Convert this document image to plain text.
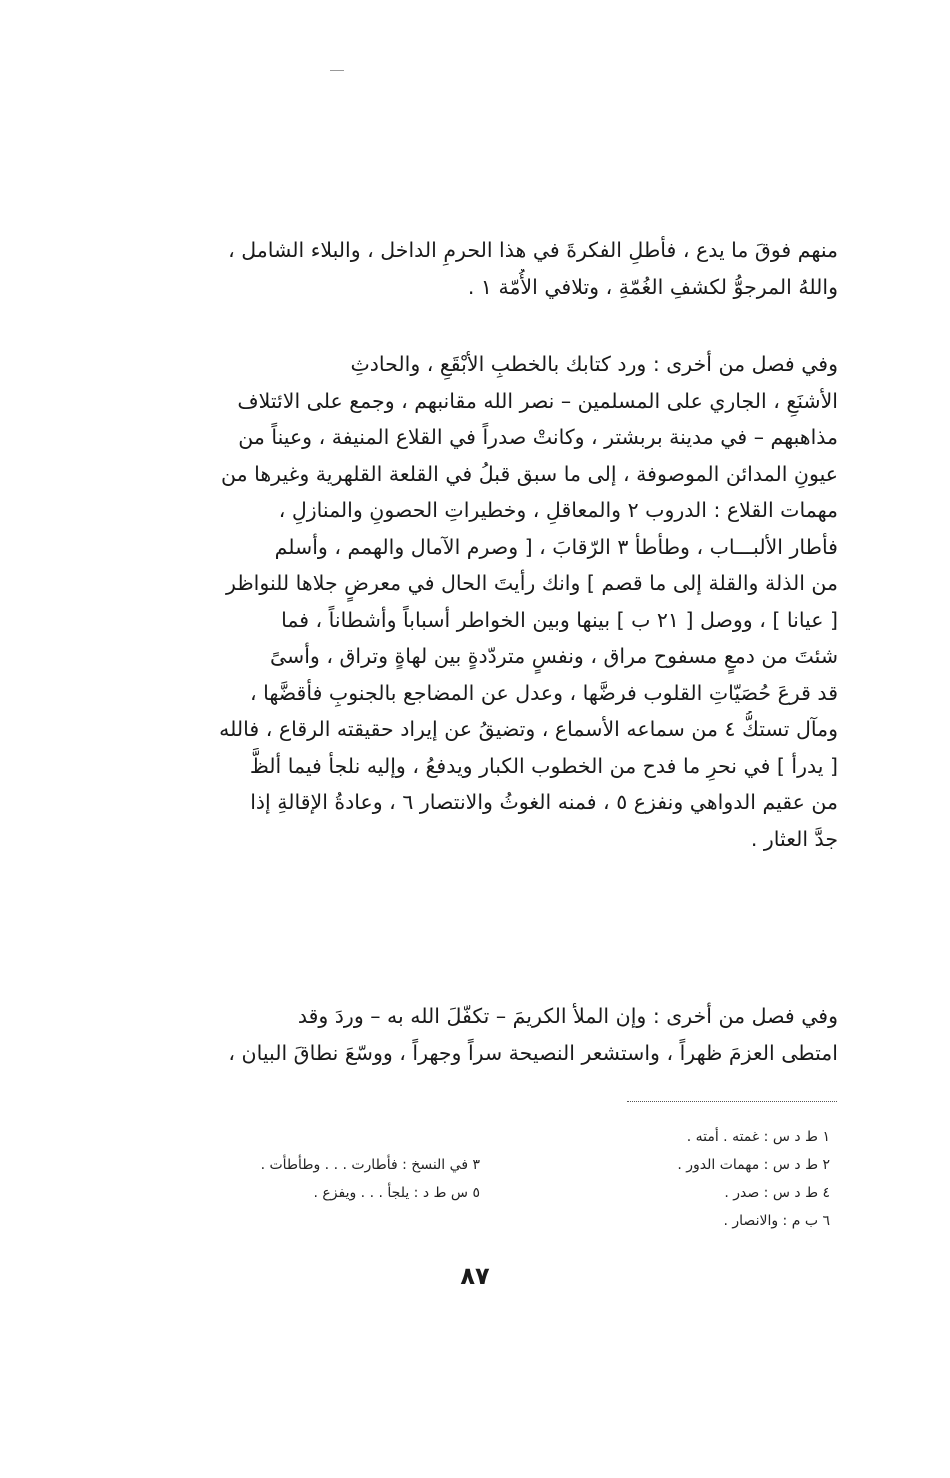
منهم فوقَ ما يدع ، فأطلِ الفكرةَ في هذا الحرمِ الداخل ، والبلاء الشامل ،
واللهُ المرجوُّ لكشفِ الغُمّةِ ، وتلافي الأُمّة ١ .
وفي فصل من أخرى : ورد كتابك بالخطبِ الأبْقَعِ ، والحادثِ
الأشنَعِ ، الجاري على المسلمين – نصر الله مقانبهم ، وجمع على الائتلاف
مذاهبهم – في مدينة بربشتر ، وكانتْ صدراً في القلاع المنيفة ، وعيناً من
عيونِ المدائن الموصوفة ، إلى ما سبق قبلُ في القلعة القلهرية وغيرها من
مهمات القلاع : الدروب ٢ والمعاقلِ ، وخطيراتِ الحصونِ والمنازلِ ،
فأطار الألبـــاب ، وطأطأ ٣ الرّقابَ ، [ وصرم الآمال والهمم ، وأسلم
من الذلة والقلة إلى ما قصم ] وانك رأيتَ الحال في معرضٍ جلاها للنواظر
[ عيانا ] ، ووصل [ ٢١ ب ] بينها وبين الخواطر أسباباً وأشطاناً ، فما
شئتَ من دمعٍ مسفوح مراق ، ونفسٍ متردّدةٍ بين لهاةٍ وتراق ، وأسىً
قد قرعَ حُصَيّاتِ القلوب فرضَّها ، وعدل عن المضاجع بالجنوبِ فأقضَّها ،
ومآل تستكُّ ٤ من سماعه الأسماع ، وتضيقُ عن إيراد حقيقته الرقاع ، فالله
[ يدرأ ] في نحرِ ما فدح من الخطوب الكبار ويدفعُ ، وإليه نلجأ فيما ألظَّ
من عقيم الدواهي ونفزع ٥ ، فمنه الغوثُ والانتصار ٦ ، وعادةُ الإقالةِ إذا
جدَّ العثار .
وفي فصل من أخرى : وإن الملأ الكريمَ – تكفّلَ الله به – وردَ وقد
امتطى العزمَ ظهراً ، واستشعر النصيحة سراً وجهراً ، ووسّعَ نطاقَ البيان ،
١ ط د س : غمته . أمته .
٢ ط د س : مهمات الدور .
٣ في النسخ : فأطارت . . . وطأطأت .
٤ ط د س : صدر .
٥ س ط د : يلجأ . . . ويفزع .
٦ ب م : والانصار .
٨٧
